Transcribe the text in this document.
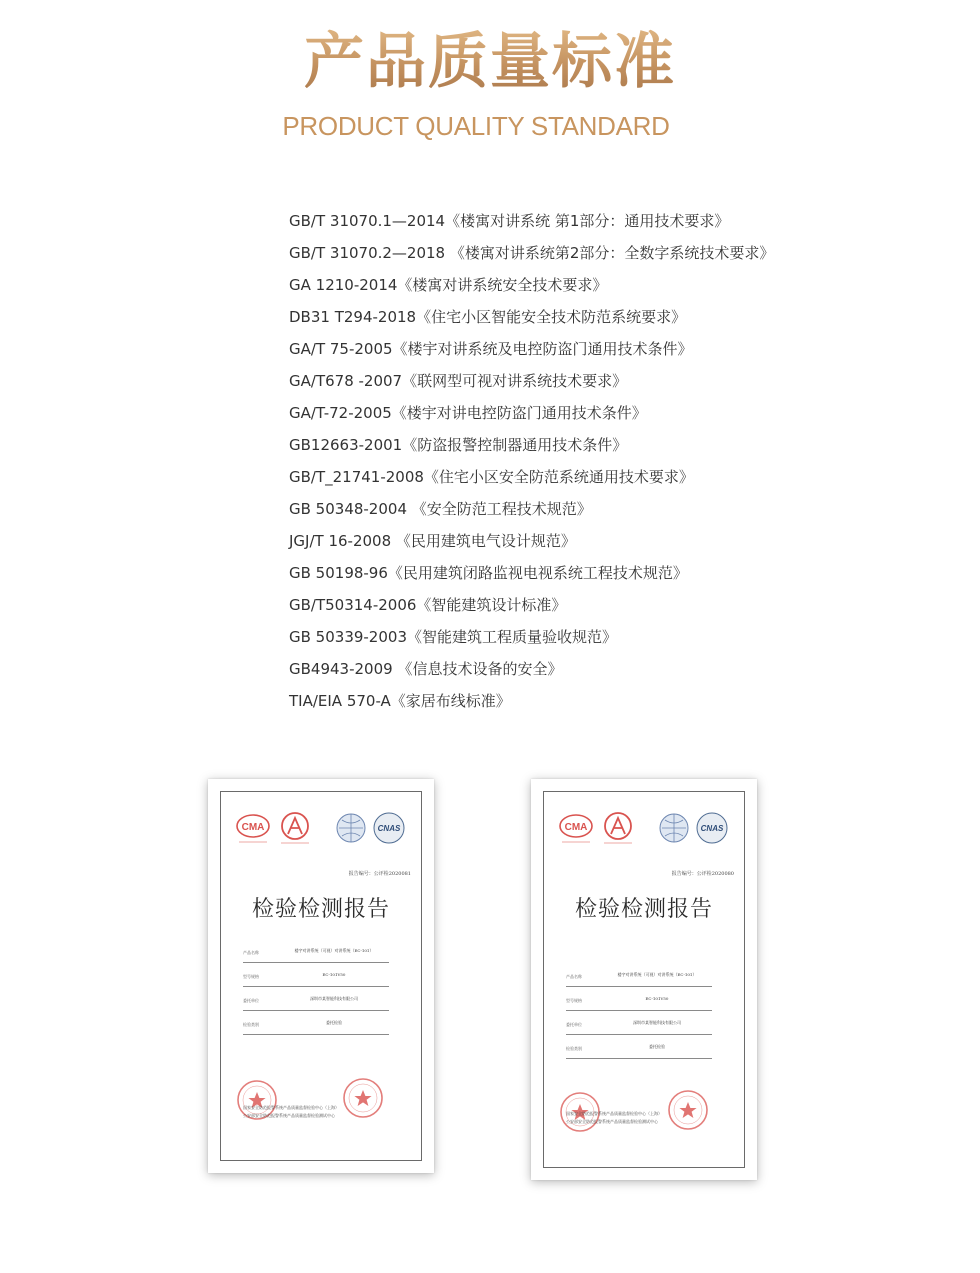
产品质量标准
PRODUCT QUALITY STANDARD
GB/T 31070.1—2014《楼寓对讲系统 第1部分：通用技术要求》
GB/T 31070.2—2018 《楼寓对讲系统第2部分：全数字系统技术要求》
GA 1210-2014《楼寓对讲系统安全技术要求》
DB31 T294-2018《住宅小区智能安全技术防范系统要求》
GA/T 75-2005《楼宇对讲系统及电控防盗门通用技术条件》
GA/T678 -2007《联网型可视对讲系统技术要求》
GA/T-72-2005《楼宇对讲电控防盗门通用技术条件》
GB12663-2001《防盗报警控制器通用技术条件》
GB/T_21741-2008《住宅小区安全防范系统通用技术要求》
GB 50348-2004 《安全防范工程技术规范》
JGJ/T 16-2008 《民用建筑电气设计规范》
GB 50198-96《民用建筑闭路监视电视系统工程技术规范》
GB/T50314-2006《智能建筑设计标准》
GB 50339-2003《智能建筑工程质量验收规范》
GB4943-2009 《信息技术设备的安全》
TIA/EIA 570-A《家居布线标准》
CMA	CNAS
报告编号：公评检2020081
检验检测报告
产品名称	楼宇对讲系统（可视）对讲系统（EC-101）
型号规格	EC-101V50
委托单位	深圳市某智能科技有限公司
检验类别	委托检验
国家安全防范报警系统产品质量监督检验中心（上海）
公安部安全防范报警系统产品质量监督检验测试中心
CMA	CNAS
报告编号：公评检2020080
检验检测报告
产品名称	楼宇对讲系统（可视）对讲系统（EC-101）
型号规格	EC-101V50
委托单位	深圳市某智能科技有限公司
检验类别	委托检验
国家安全防范报警系统产品质量监督检验中心（上海）
公安部安全防范报警系统产品质量监督检验测试中心
